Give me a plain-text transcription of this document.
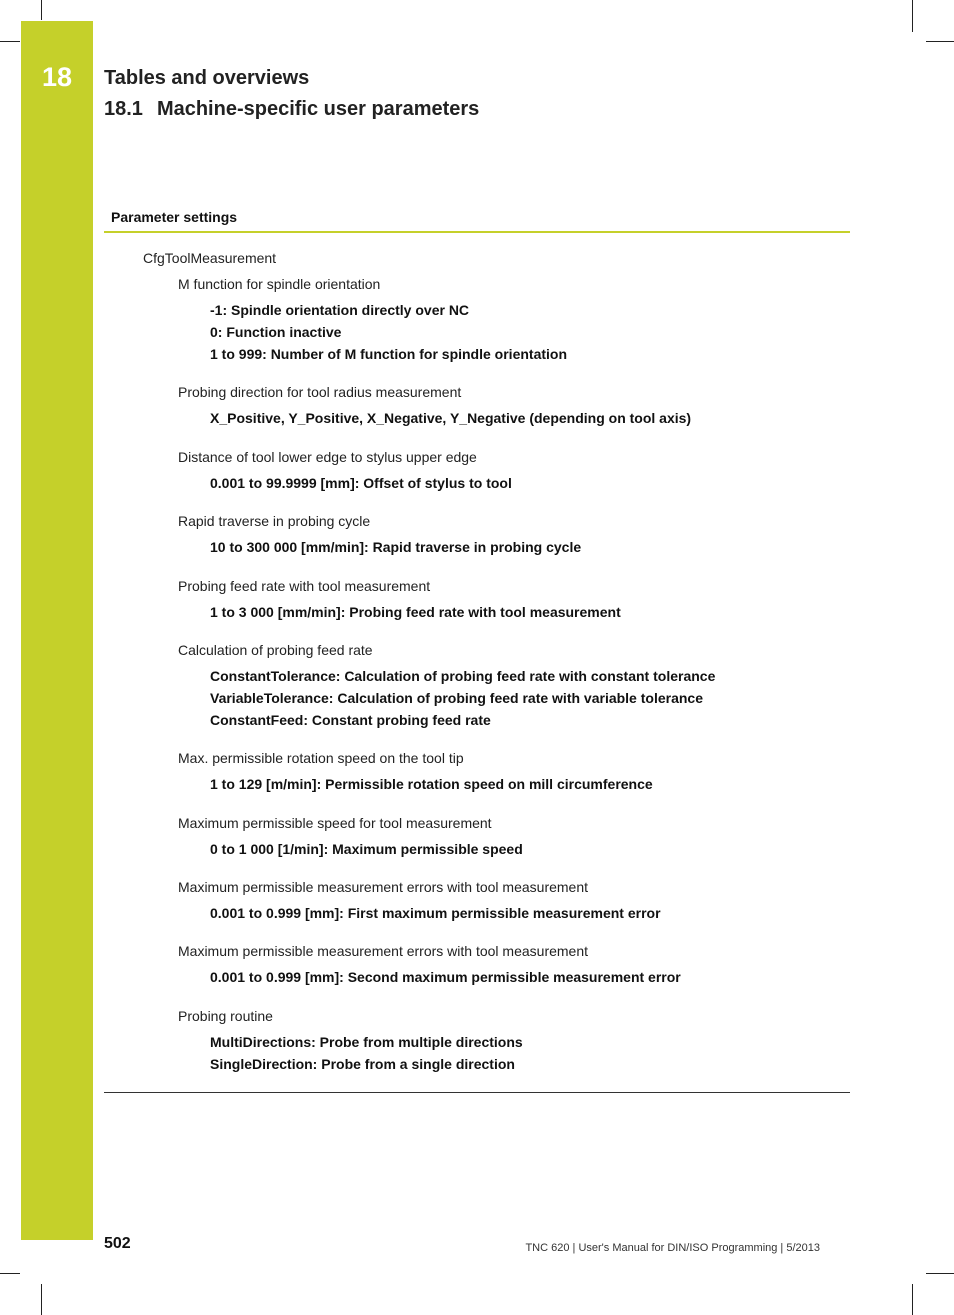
18	Tables and overviews
18.1 Machine-specific user parameters
Parameter settings
CfgToolMeasurement
M function for spindle orientation
-1: Spindle orientation directly over NC
0: Function inactive
1 to 999: Number of M function for spindle orientation
Probing direction for tool radius measurement
X_Positive, Y_Positive, X_Negative, Y_Negative (depending on tool axis)
Distance of tool lower edge to stylus upper edge
0.001 to 99.9999 [mm]: Offset of stylus to tool
Rapid traverse in probing cycle
10 to 300 000 [mm/min]: Rapid traverse in probing cycle
Probing feed rate with tool measurement
1 to 3 000 [mm/min]: Probing feed rate with tool measurement
Calculation of probing feed rate
ConstantTolerance: Calculation of probing feed rate with constant tolerance
VariableTolerance: Calculation of probing feed rate with variable tolerance
ConstantFeed: Constant probing feed rate
Max. permissible rotation speed on the tool tip
1 to 129 [m/min]: Permissible rotation speed on mill circumference
Maximum permissible speed for tool measurement
0 to 1 000 [1/min]: Maximum permissible speed
Maximum permissible measurement errors with tool measurement
0.001 to 0.999 [mm]: First maximum permissible measurement error
Maximum permissible measurement errors with tool measurement
0.001 to 0.999 [mm]: Second maximum permissible measurement error
Probing routine
MultiDirections: Probe from multiple directions
SingleDirection: Probe from a single direction
502	TNC 620 | User's Manual for DIN/ISO Programming | 5/2013
